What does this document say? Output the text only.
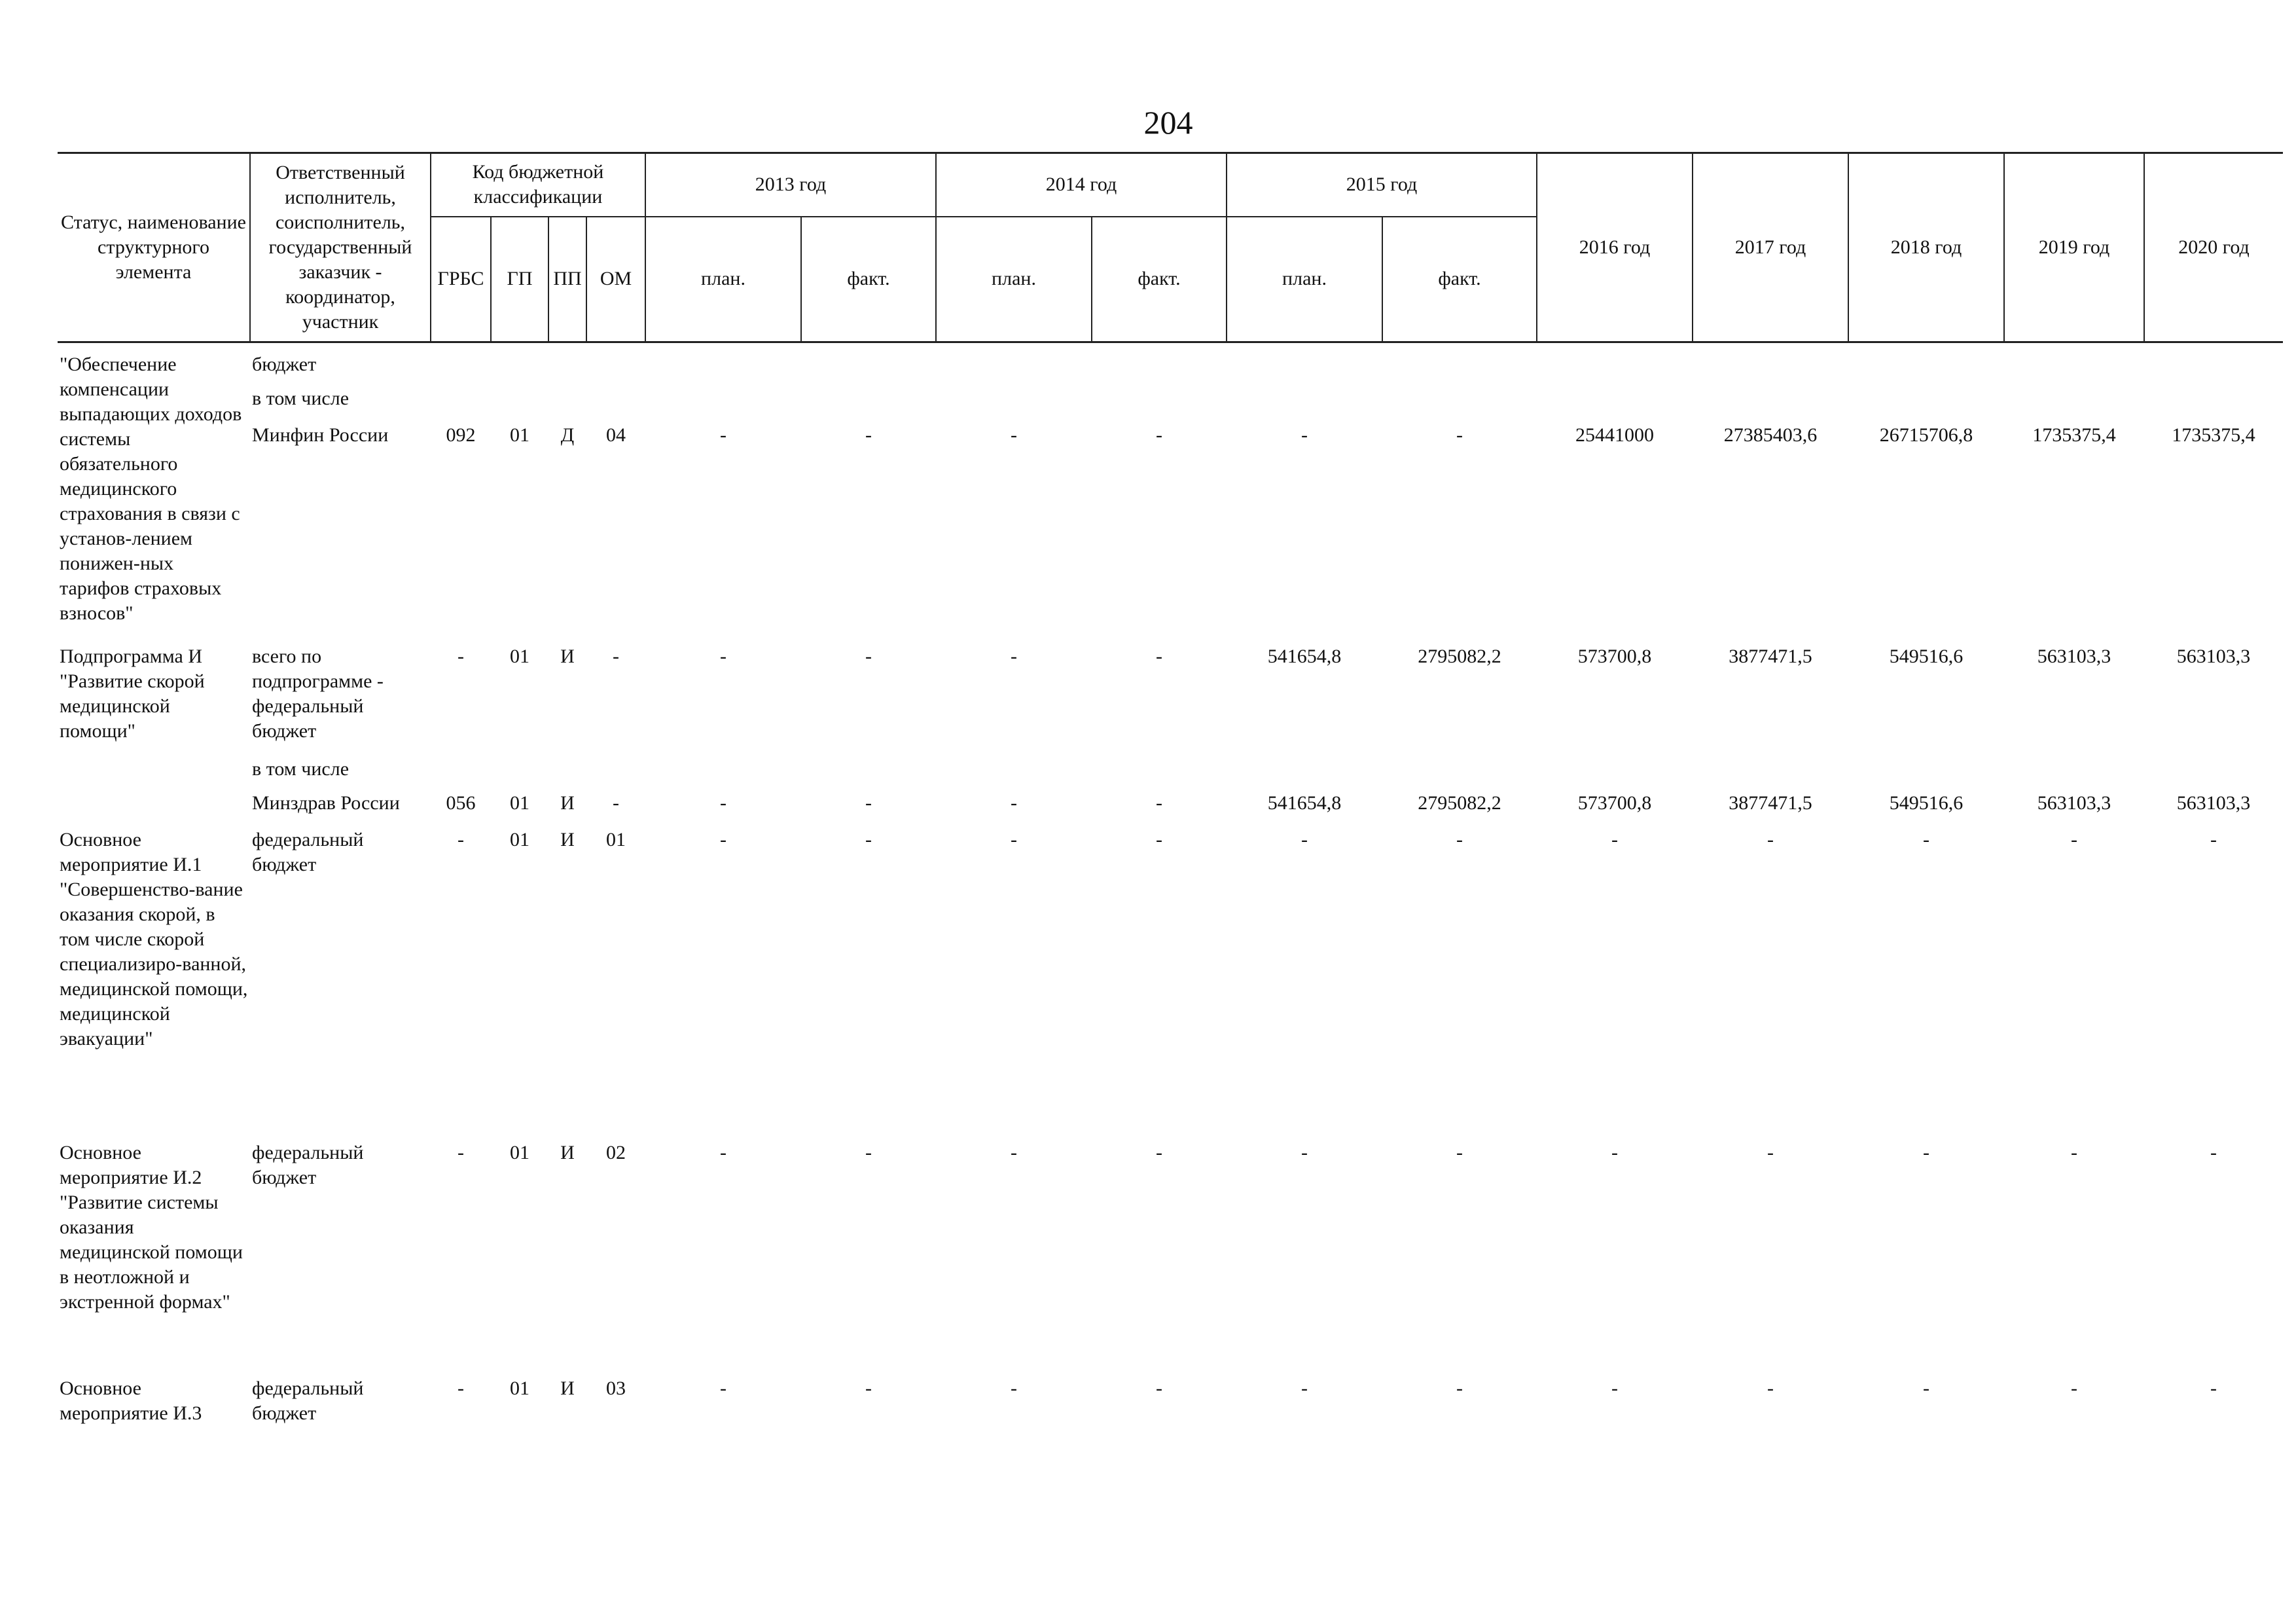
204
Статус, наименование структурного элемента	Ответственный исполнитель, соисполнитель, государственный заказчик - координатор, участник	Код бюджетной классификации				2013 год		2014 год		2015 год		2016 год	2017 год	2018 год	2019 год	2020 год
		ГРБС	ГП	ПП	ОМ	план.	факт.	план.	факт.	план.	факт.					

"Обеспечение компенсации выпадающих доходов системы обязательного медицинского страхования в связи с установ-лением понижен-ных тарифов страховых взносов"	бюджет															
	в том числе															
	Минфин России	092	01	Д	04	-	-	-	-	-	-	25441000	27385403,6	26715706,8	1735375,4	1735375,4
Подпрограмма И "Развитие скорой медицинской помощи"	всего по подпрограмме - федеральный бюджет	-	01	И	-	-	-	-	-	541654,8	2795082,2	573700,8	3877471,5	549516,6	563103,3	563103,3
	в том числе															
	Минздрав России	056	01	И	-	-	-	-	-	541654,8	2795082,2	573700,8	3877471,5	549516,6	563103,3	563103,3
Основное мероприятие И.1 "Совершенство-вание оказания скорой, в том числе скорой специализиро-ванной, медицинской помощи, медицинской эвакуации"	федеральный бюджет	-	01	И	01	-	-	-	-	-	-	-	-	-	-	-
Основное мероприятие И.2 "Развитие системы оказания медицинской помощи в неотложной и экстренной формах"	федеральный бюджет	-	01	И	02	-	-	-	-	-	-	-	-	-	-	-
Основное мероприятие И.3	федеральный бюджет	-	01	И	03	-	-	-	-	-	-	-	-	-	-	-
